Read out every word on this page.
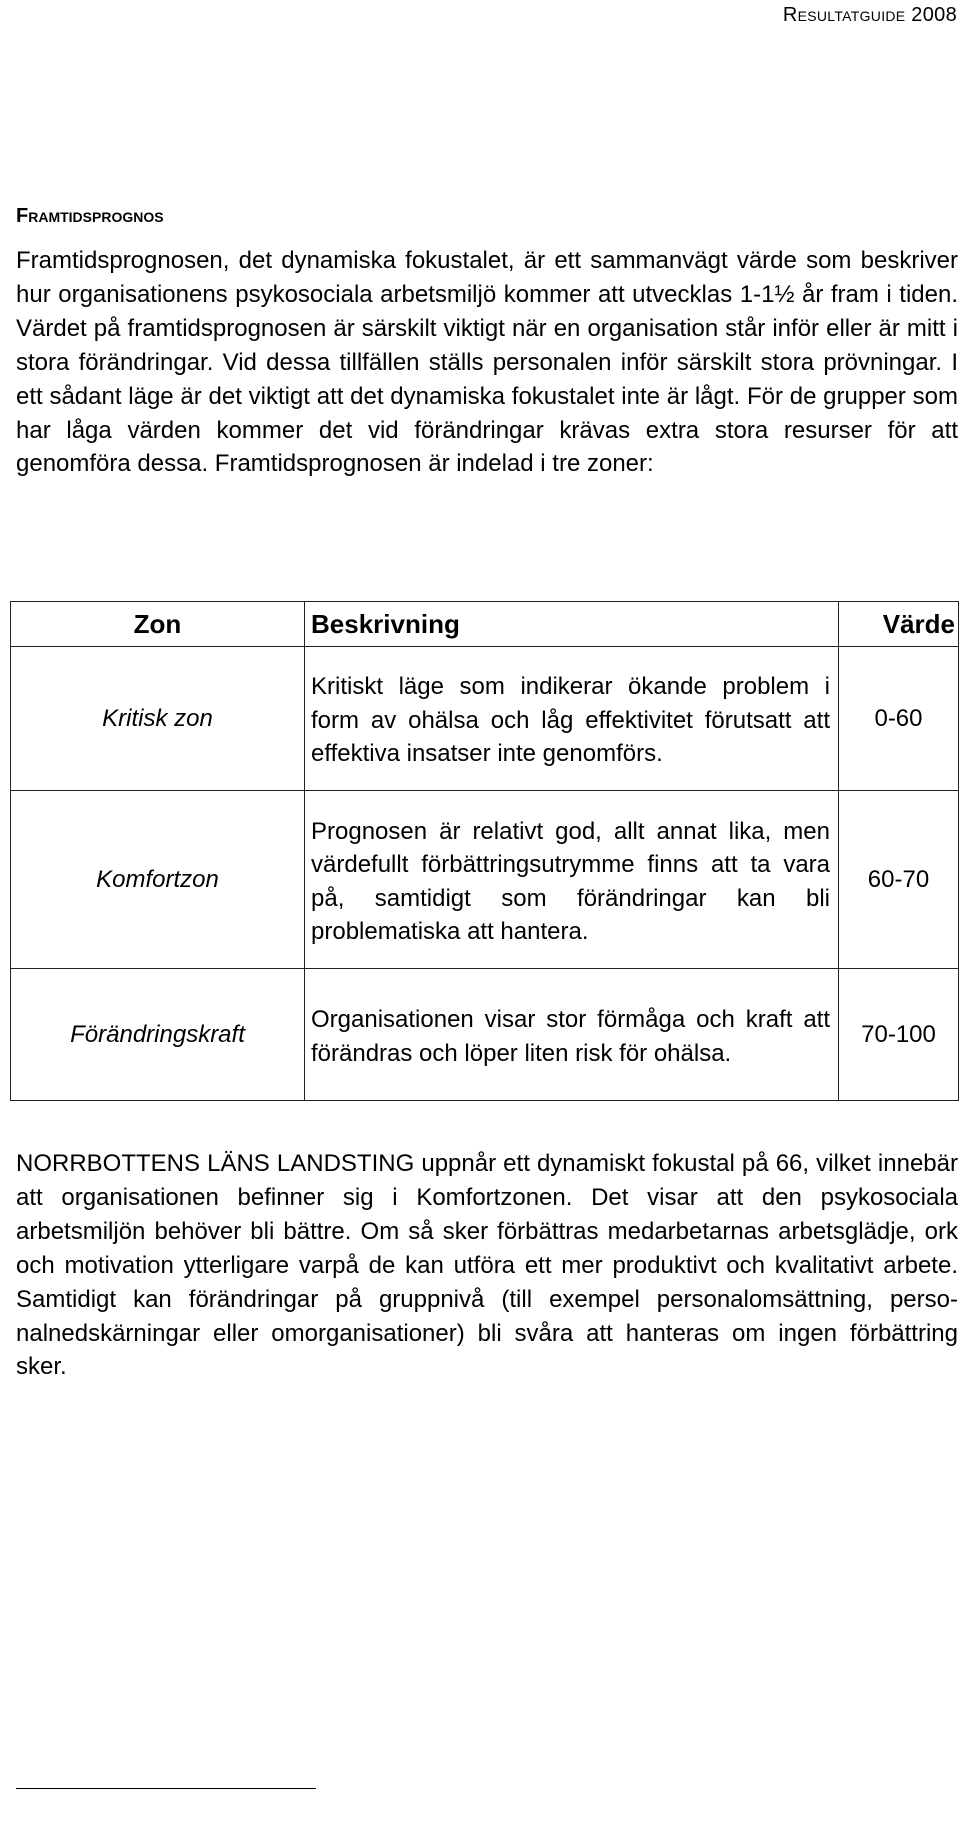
Resultatguide 2008
Framtidsprognos

Framtidsprognosen, det dynamiska fokustalet, är ett sammanvägt värde som beskriver hur organisationens psykosociala arbetsmiljö kommer att utvecklas 1-1½ år fram i tiden. Värdet på framtidsprognosen är särskilt viktigt när en organisation står inför eller är mitt i stora förändringar. Vid dessa tillfällen ställs personalen inför särskilt stora prövningar. I ett sådant läge är det viktigt att det dynamiska fokustalet inte är lågt. För de grupper som har låga värden kommer det vid förändringar krävas extra stora resurser för att genomföra dessa. Framtidsprognosen är indelad i tre zoner:

Zon	Beskrivning	Värde
Kritisk zon	Kritiskt läge som indikerar ökande problem i form av ohälsa och låg effektivitet förutsatt att effektiva insatser inte genomförs.	0-60
Komfortzon	Prognosen är relativt god, allt annat lika, men värdefullt förbättringsutrymme finns att ta vara på, samtidigt som förändringar kan bli problematiska att hantera.	60-70
Förändringskraft	Organisationen visar stor förmåga och kraft att förändras och löper liten risk för ohälsa.	70-100

NORRBOTTENS LÄNS LANDSTING uppnår ett dynamiskt fokustal på 66, vilket innebär att organisationen befinner sig i Komfortzonen. Det visar att den psykosociala arbetsmiljön behöver bli bättre. Om så sker förbättras medarbetarnas arbetsglädje, ork och motivation ytterligare varpå de kan utföra ett mer produktivt och kvalitativt arbete. Samtidigt kan förändringar på gruppnivå (till exempel personalomsättning, personalnedskärningar eller omorganisationer) bli svåra att hanteras om ingen förbättring sker.
